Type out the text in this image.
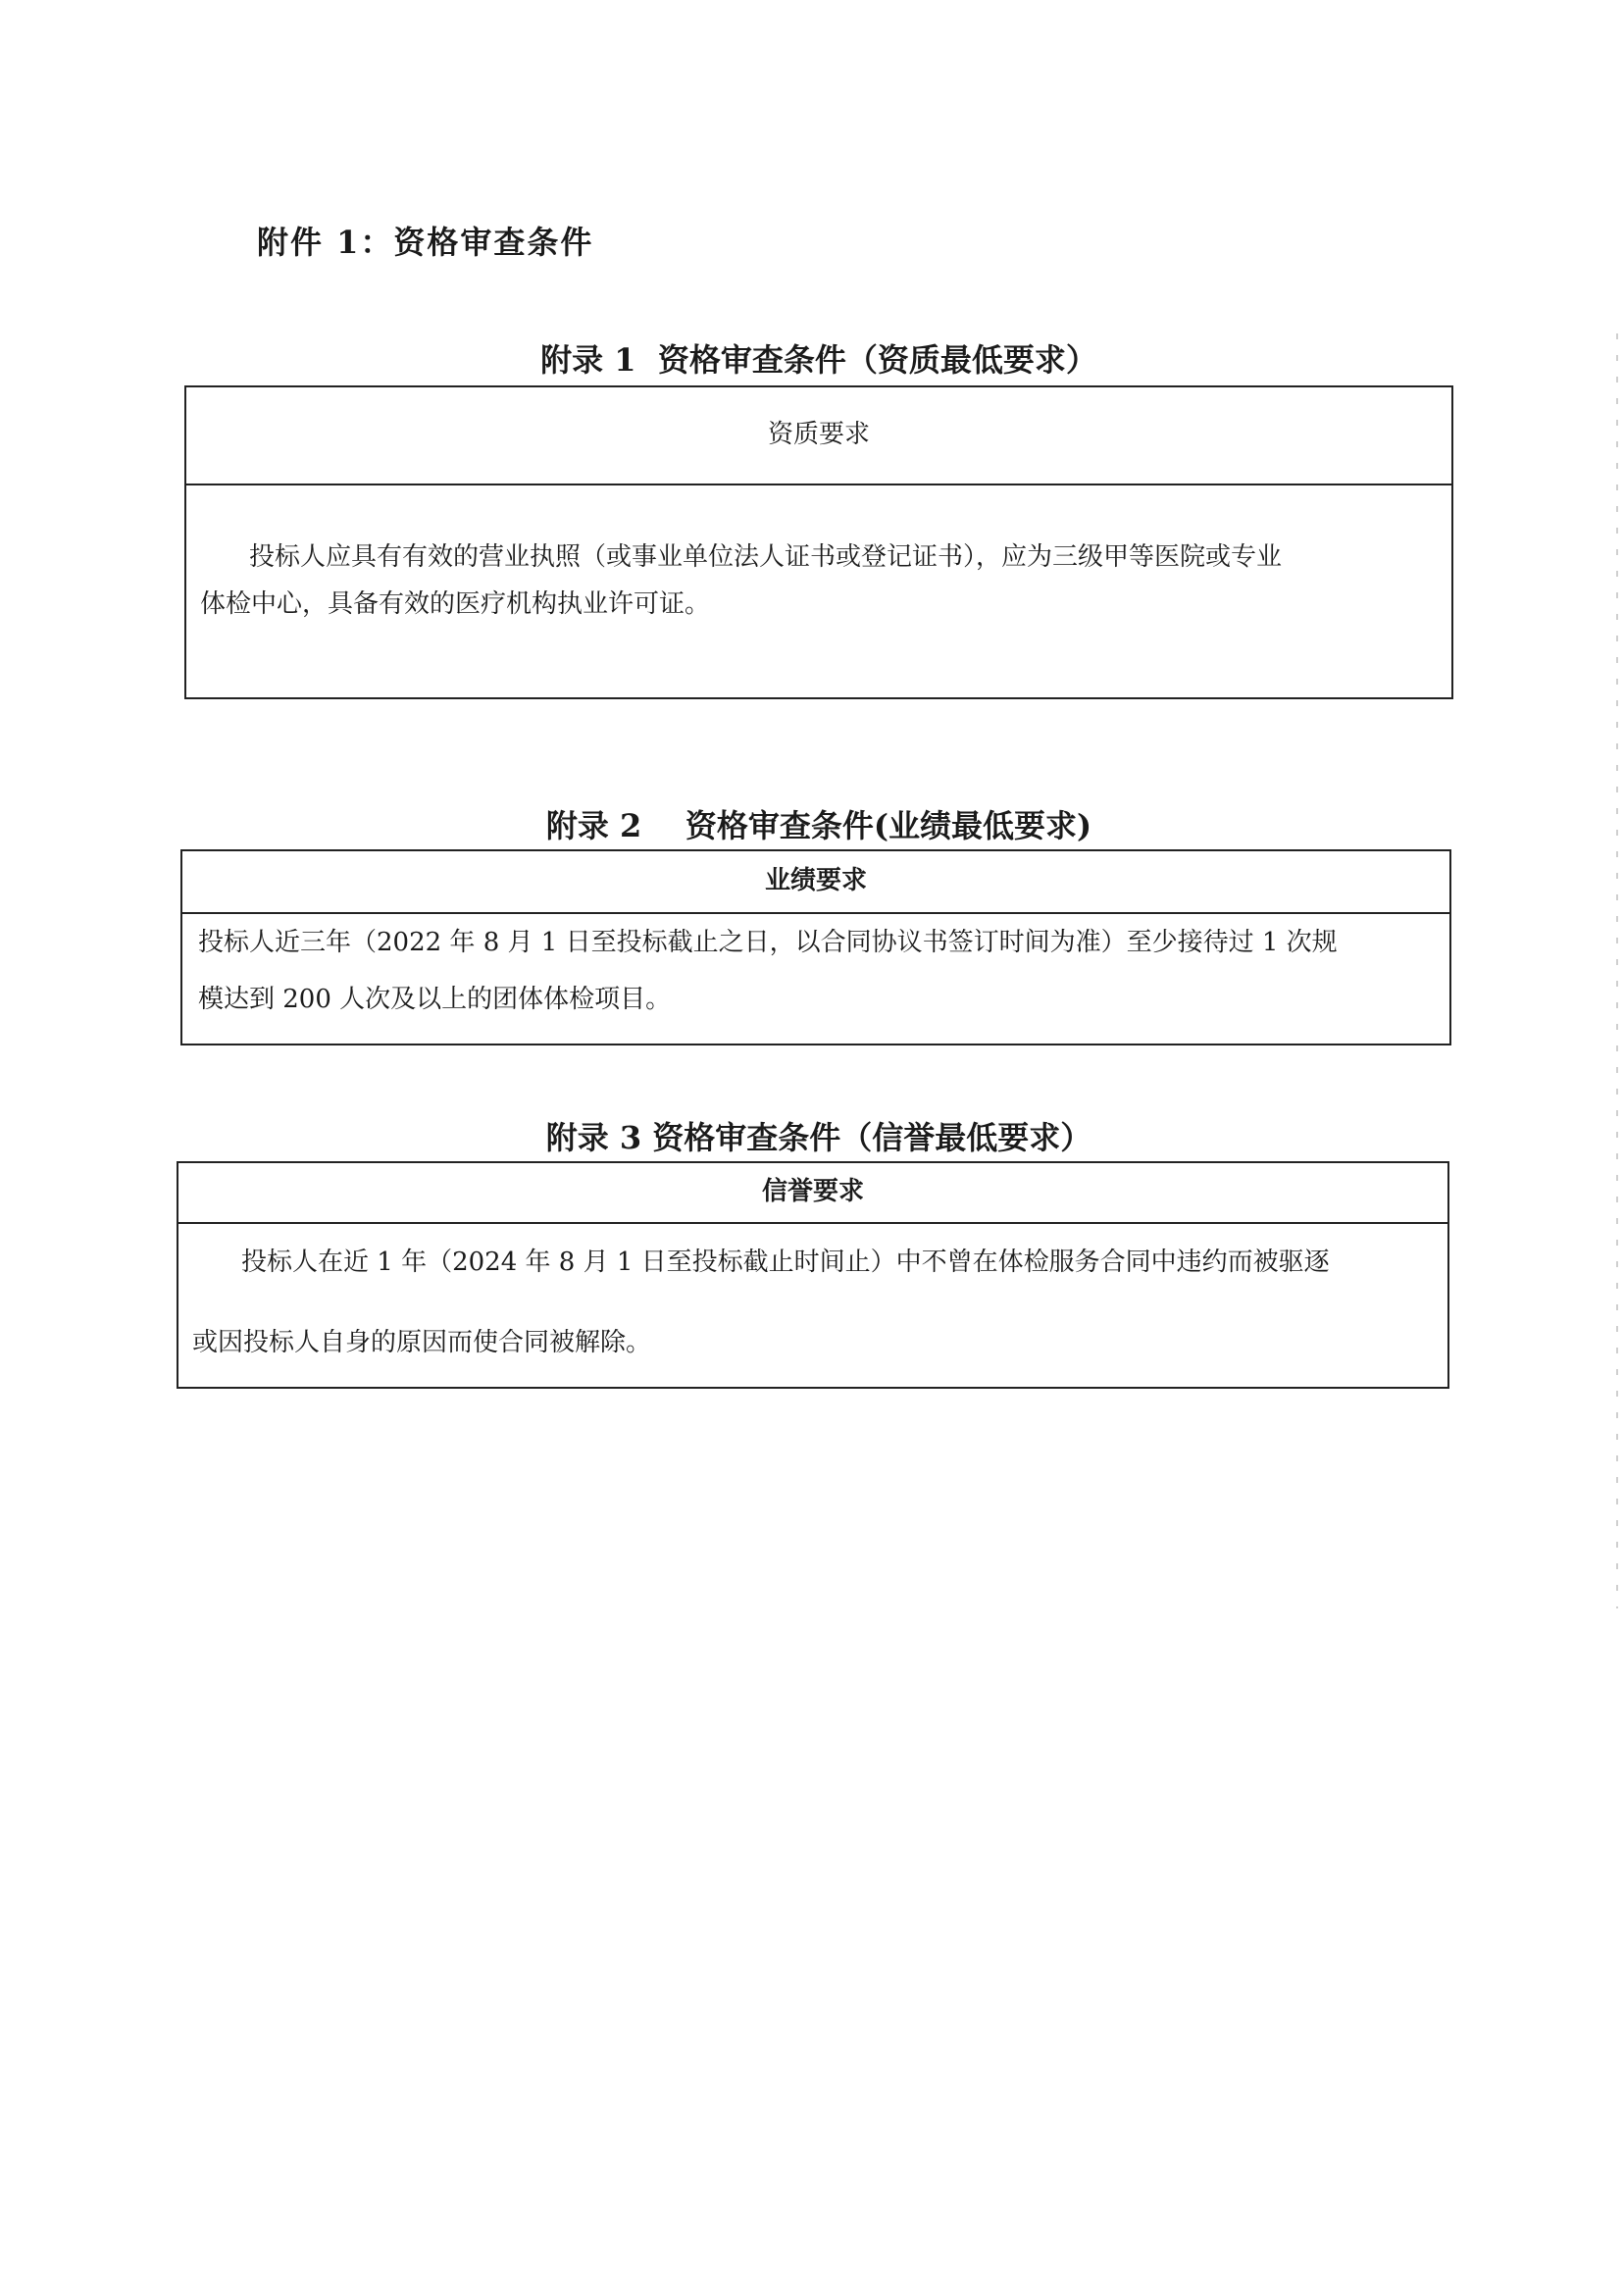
附件 1：资格审查条件
附录 1  资格审查条件（资质最低要求）
资质要求
投标人应具有有效的营业执照（或事业单位法人证书或登记证书），应为三级甲等医院或专业
体检中心，具备有效的医疗机构执业许可证。
附录 2    资格审查条件(业绩最低要求)
业绩要求
投标人近三年（2022 年 8 月 1 日至投标截止之日，以合同协议书签订时间为准）至少接待过 1 次规
模达到 200 人次及以上的团体体检项目。
附录 3 资格审查条件（信誉最低要求）
信誉要求
投标人在近 1 年（2024 年 8 月 1 日至投标截止时间止）中不曾在体检服务合同中违约而被驱逐
或因投标人自身的原因而使合同被解除。
